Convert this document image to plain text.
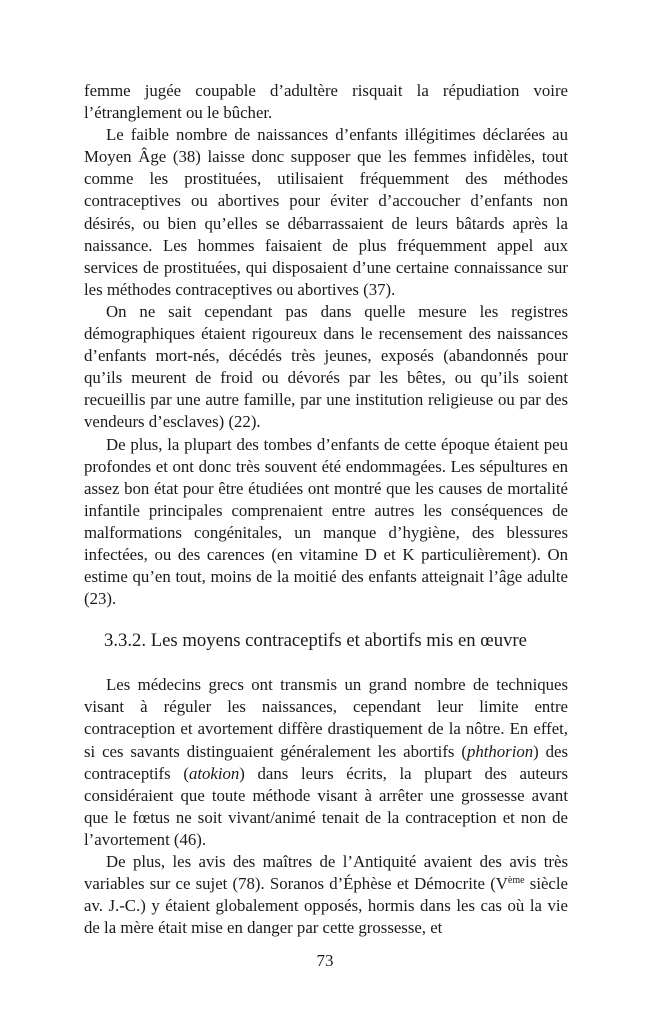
femme jugée coupable d’adultère risquait la répudiation voire l’étranglement ou le bûcher.

Le faible nombre de naissances d’enfants illégitimes déclarées au Moyen Âge (38) laisse donc supposer que les femmes infidèles, tout comme les prostituées, utilisaient fréquemment des méthodes contraceptives ou abortives pour éviter d’accoucher d’enfants non désirés, ou bien qu’elles se débarrassaient de leurs bâtards après la naissance. Les hommes faisaient de plus fréquemment appel aux services de prostituées, qui disposaient d’une certaine connaissance sur les méthodes contraceptives ou abortives (37).

On ne sait cependant pas dans quelle mesure les registres démographiques étaient rigoureux dans le recensement des naissances d’enfants mort-nés, décédés très jeunes, exposés (abandonnés pour qu’ils meurent de froid ou dévorés par les bêtes, ou qu’ils soient recueillis par une autre famille, par une institution religieuse ou par des vendeurs d’esclaves) (22).

De plus, la plupart des tombes d’enfants de cette époque étaient peu profondes et ont donc très souvent été endommagées. Les sépultures en assez bon état pour être étudiées ont montré que les causes de mortalité infantile principales comprenaient entre autres les conséquences de malformations congénitales, un manque d’hygiène, des blessures infectées, ou des carences (en vitamine D et K particulièrement). On estime qu’en tout, moins de la moitié des enfants atteignait l’âge adulte (23).

3.3.2. Les moyens contraceptifs et abortifs mis en œuvre

Les médecins grecs ont transmis un grand nombre de techniques visant à réguler les naissances, cependant leur limite entre contraception et avortement diffère drastiquement de la nôtre. En effet, si ces savants distinguaient généralement les abortifs (phthorion) des contraceptifs (atokion) dans leurs écrits, la plupart des auteurs considéraient que toute méthode visant à arrêter une grossesse avant que le fœtus ne soit vivant/animé tenait de la contraception et non de l’avortement (46).

De plus, les avis des maîtres de l’Antiquité avaient des avis très variables sur ce sujet (78). Soranos d’Éphèse et Démocrite (Vème siècle av. J.-C.) y étaient globalement opposés, hormis dans les cas où la vie de la mère était mise en danger par cette grossesse, et

73
